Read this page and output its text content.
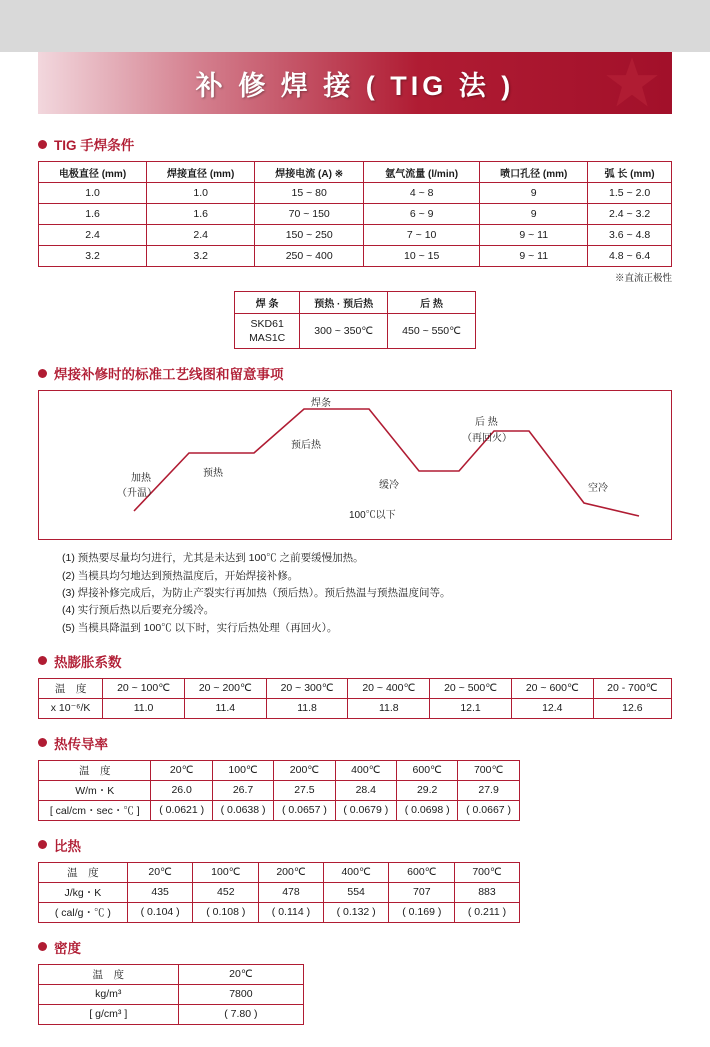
补 修 焊 接 ( TIG 法 )
TIG 手焊条件
电极直径 (mm)	焊接直径 (mm)	焊接电流 (A) ※	氩气流量 (l/min)	喷口孔径 (mm)	弧 长 (mm)
1.0	1.0	15 ~ 80	4 ~ 8	9	1.5 ~ 2.0
1.6	1.6	70 ~ 150	6 ~ 9	9	2.4 ~ 3.2
2.4	2.4	150 ~ 250	7 ~ 10	9 ~ 11	3.6 ~ 4.8
3.2	3.2	250 ~ 400	10 ~ 15	9 ~ 11	4.8 ~ 6.4
※直流正极性
焊 条	预热 · 预后热	后 热

SKD61
MAS1C	300 ~ 350℃	450 ~ 550℃
焊接补修时的标准工艺线图和留意事项
加热
（升温）
预热
焊条
预后热
缓冷
后 热
（再回火）
空冷
100℃以下
(1) 预热要尽量均匀进行，尤其是未达到 100℃ 之前要缓慢加热。
(2) 当模具均匀地达到预热温度后，开始焊接补修。
(3) 焊接补修完成后，为防止产裂实行再加热（预后热）。预后热温与预热温度间等。
(4) 实行预后热以后要充分缓冷。
(5) 当模具降温到 100℃ 以下时，实行后热处理（再回火）。
热膨胀系数
温　度	20 ~ 100℃	20 ~ 200℃	20 ~ 300℃	20 ~ 400℃	20 ~ 500℃	20 ~ 600℃	20 - 700℃
x 10⁻⁶/K	11.0	11.4	11.8	11.8	12.1	12.4	12.6
热传导率
温　度	20℃	100℃	200℃	400℃	600℃	700℃
W/m・K	26.0	26.7	27.5	28.4	29.2	27.9
[ cal/cm・sec・℃ ]	( 0.0621 )	( 0.0638 )	( 0.0657 )	( 0.0679 )	( 0.0698 )	( 0.0667 )
比热
温　度	20℃	100℃	200℃	400℃	600℃	700℃
J/kg・K	435	452	478	554	707	883
( cal/g・℃ )	( 0.104 )	( 0.108 )	( 0.114 )	( 0.132 )	( 0.169 )	( 0.211 )
密度
温　度	20℃
kg/m³	7800
[ g/cm³ ]	( 7.80 )
